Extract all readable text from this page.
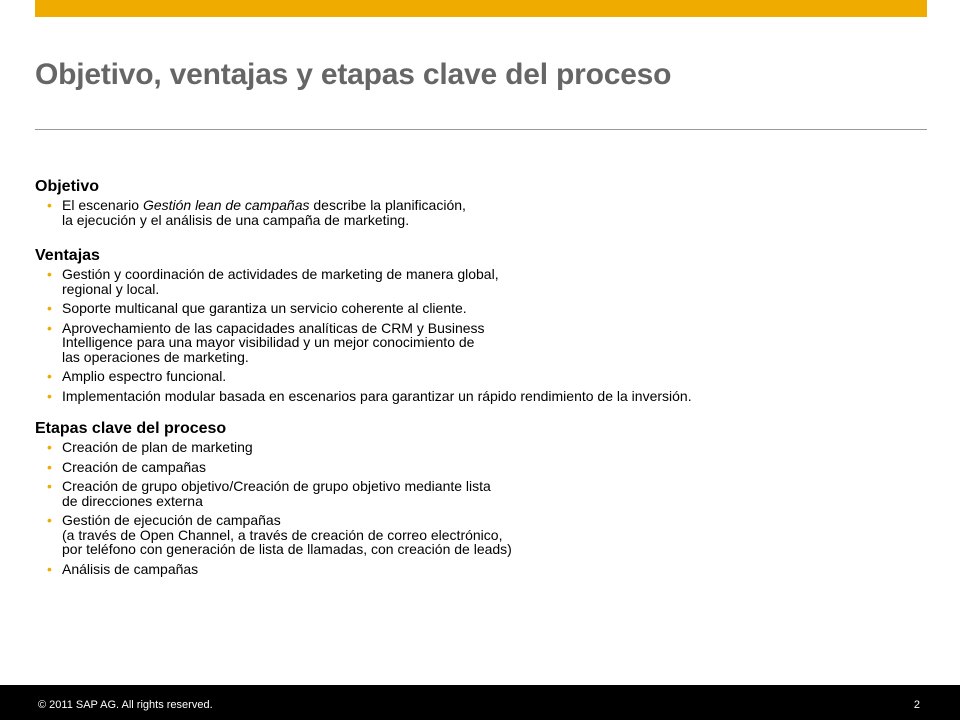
Objetivo, ventajas y etapas clave del proceso
Objetivo
• El escenario Gestión lean de campañas describe la planificación,
la ejecución y el análisis de una campaña de marketing.
Ventajas
• Gestión y coordinación de actividades de marketing de manera global,
regional y local.
• Soporte multicanal que garantiza un servicio coherente al cliente.
• Aprovechamiento de las capacidades analíticas de CRM y Business
Intelligence para una mayor visibilidad y un mejor conocimiento de
las operaciones de marketing.
• Amplio espectro funcional.
• Implementación modular basada en escenarios para garantizar un rápido rendimiento de la inversión.
Etapas clave del proceso
• Creación de plan de marketing
• Creación de campañas
• Creación de grupo objetivo/Creación de grupo objetivo mediante lista
de direcciones externa
• Gestión de ejecución de campañas
(a través de Open Channel, a través de creación de correo electrónico,
por teléfono con generación de lista de llamadas, con creación de leads)
• Análisis de campañas
© 2011 SAP AG. All rights reserved.	2
